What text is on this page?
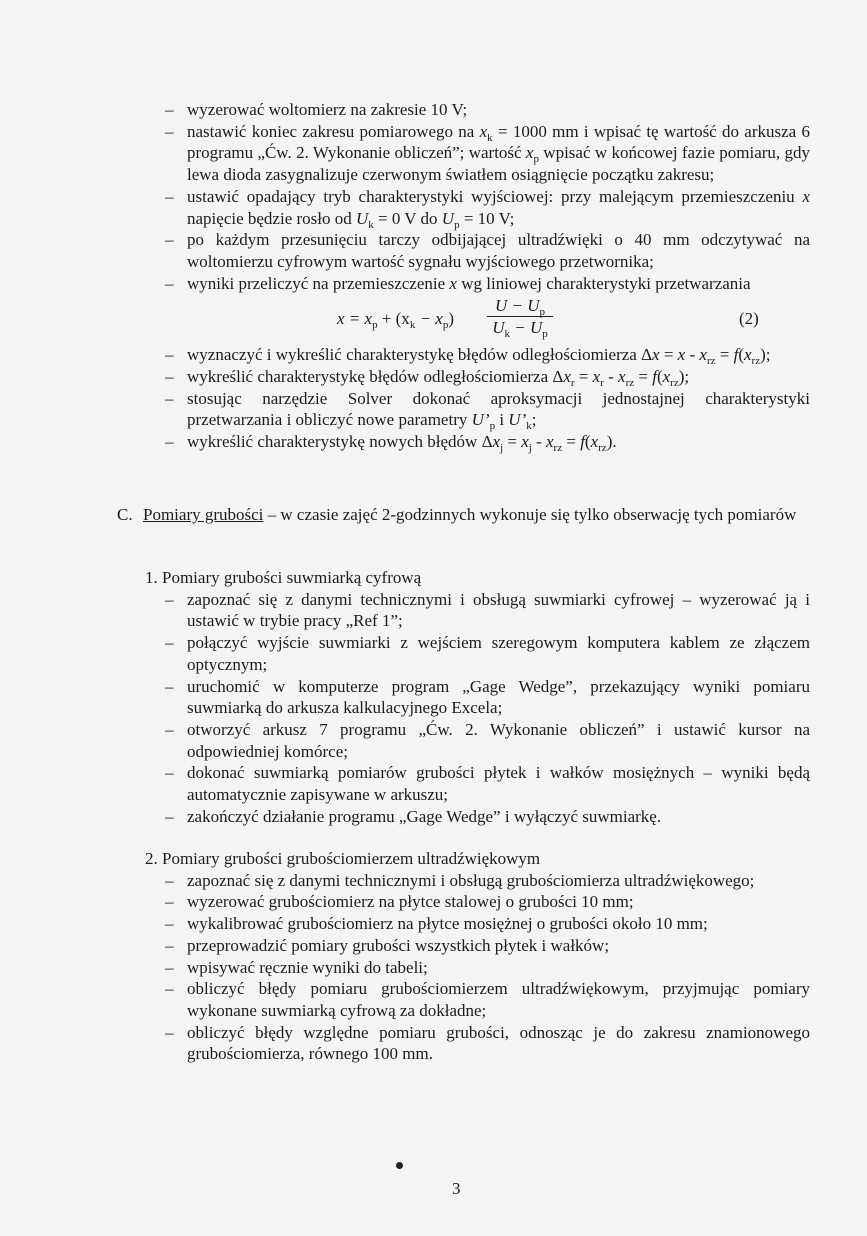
– wyzerować woltomierz na zakresie 10 V;
– nastawić koniec zakresu pomiarowego na $x_k = 1000$ mm i wpisać tę wartość do arkusza 6 programu „Ćw. 2. Wykonanie obliczeń”; wartość $x_p$ wpisać w końcowej fazie pomiaru, gdy lewa dioda zasygnalizuje czerwonym światłem osiągnięcie początku zakresu;
– ustawić opadający tryb charakterystyki wyjściowej: przy malejącym przemieszczeniu x napięcie będzie rosło od $U_k = 0$ V do $U_p = 10$ V;
– po każdym przesunięciu tarczy odbijającej ultradźwięki o 40 mm odczytywać na woltomierzu cyfrowym wartość sygnału wyjściowego przetwornika;
– wyniki przeliczyć na przemieszczenie x wg liniowej charakterystyki przetwarzania
$x = x_p + (x_k - x_p) \frac{U - U_p}{U_k - U_p}$	(2)
– wyznaczyć i wykreślić charakterystykę błędów odległościomierza $\Delta x = x - x_{rz} = f(x_{rz})$;
– wykreślić charakterystykę błędów odległościomierza $\Delta x_r = x_r - x_{rz} = f(x_{rz})$;
– stosując narzędzie Solver dokonać aproksymacji jednostajnej charakterystyki przetwarzania i obliczyć nowe parametry $U’_p$ i $U’_k$;
– wykreślić charakterystykę nowych błędów $\Delta x_j = x_j - x_{rz} = f(x_{rz})$.
C. Pomiary grubości – w czasie zajęć 2-godzinnych wykonuje się tylko obserwację tych pomiarów
1. Pomiary grubości suwmiarką cyfrową
– zapoznać się z danymi technicznymi i obsługą suwmiarki cyfrowej – wyzerować ją i ustawić w trybie pracy „Ref 1”;
– połączyć wyjście suwmiarki z wejściem szeregowym komputera kablem ze złączem optycznym;
– uruchomić w komputerze program „Gage Wedge”, przekazujący wyniki pomiaru suwmiarką do arkusza kalkulacyjnego Excela;
– otworzyć arkusz 7 programu „Ćw. 2. Wykonanie obliczeń” i ustawić kursor na odpowiedniej komórce;
– dokonać suwmiarką pomiarów grubości płytek i wałków mosiężnych – wyniki będą automatycznie zapisywane w arkuszu;
– zakończyć działanie programu „Gage Wedge” i wyłączyć suwmiarkę.
2. Pomiary grubości grubościomierzem ultradźwiękowym
– zapoznać się z danymi technicznymi i obsługą grubościomierza ultradźwiękowego;
– wyzerować grubościomierz na płytce stalowej o grubości 10 mm;
– wykalibrować grubościomierz na płytce mosiężnej o grubości około 10 mm;
– przeprowadzić pomiary grubości wszystkich płytek i wałków;
– wpisywać ręcznie wyniki do tabeli;
– obliczyć błędy pomiaru grubościomierzem ultradźwiękowym, przyjmując pomiary wykonane suwmiarką cyfrową za dokładne;
– obliczyć błędy względne pomiaru grubości, odnosząc je do zakresu znamionowego grubościomierza, równego 100 mm.
3
